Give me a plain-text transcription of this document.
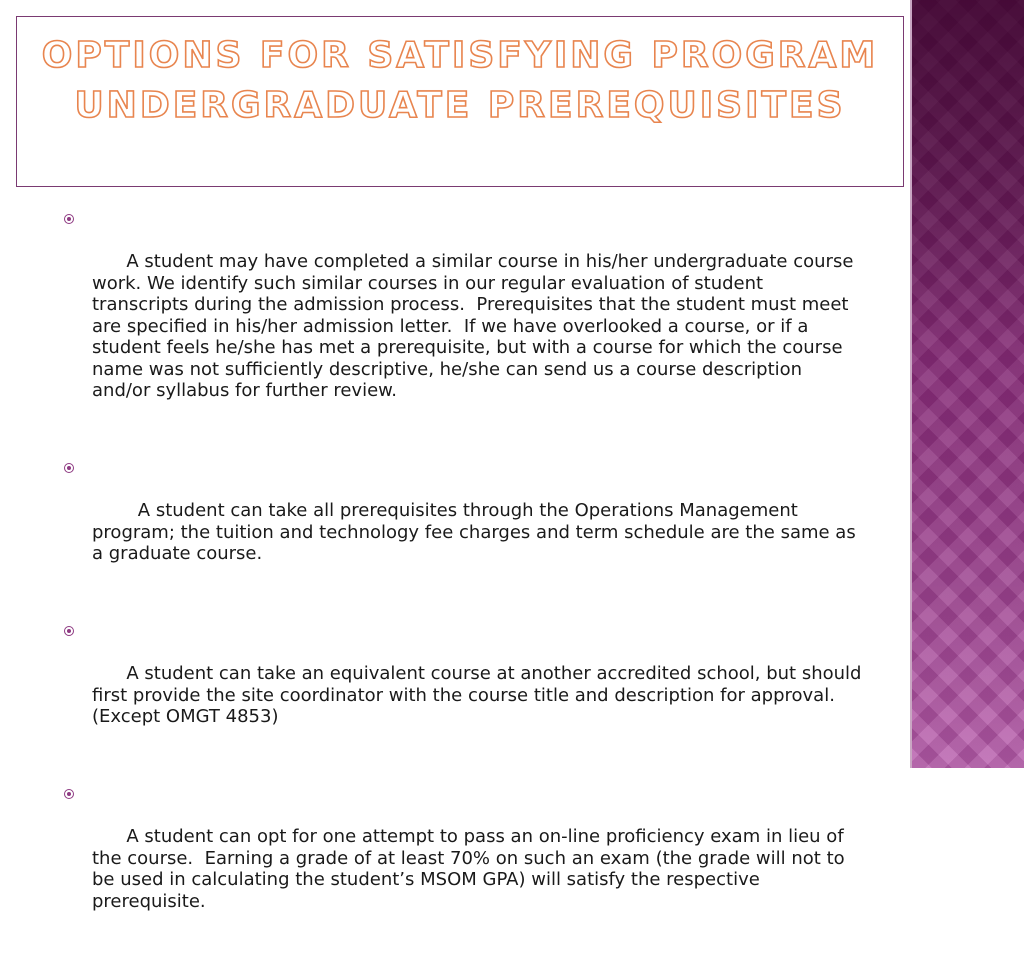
OPTIONS FOR SATISFYING PROGRAM
UNDERGRADUATE PREREQUISITES

A student may have completed a similar course in his/her undergraduate course work. We identify such similar courses in our regular evaluation of student transcripts during the admission process.  Prerequisites that the student must meet are specified in his/her admission letter.  If we have overlooked a course, or if a student feels he/she has met a prerequisite, but with a course for which the course name was not sufficiently descriptive, he/she can send us a course description and/or syllabus for further review.

A student can take all prerequisites through the Operations Management program; the tuition and technology fee charges and term schedule are the same as a graduate course.

A student can take an equivalent course at another accredited school, but should first provide the site coordinator with the course title and description for approval. (Except OMGT 4853)

A student can opt for one attempt to pass an on-line proficiency exam in lieu of the course.  Earning a grade of at least 70% on such an exam (the grade will not to be used in calculating the student’s MSOM GPA) will satisfy the respective prerequisite.
